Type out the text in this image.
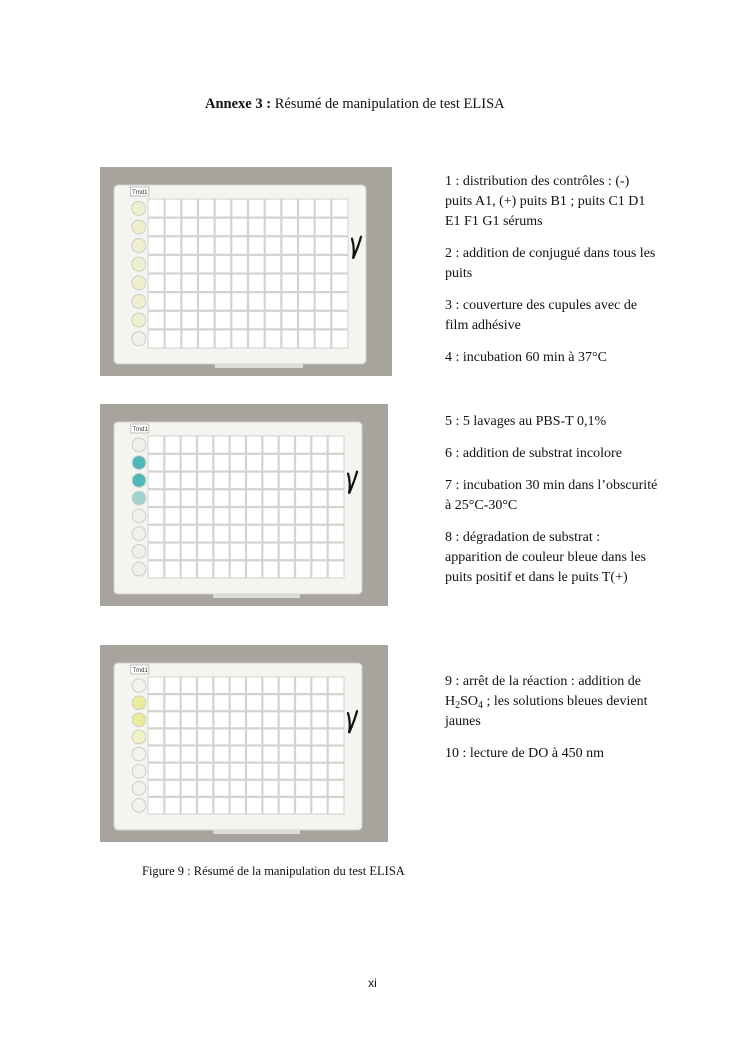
Annexe 3 : Résumé de manipulation de test ELISA
Tmd1

1 : distribution des contrôles : (-) puits A1, (+) puits B1 ; puits C1 D1 E1 F1 G1 sérums

2 : addition de conjugué dans tous les puits

3 : couverture des cupules avec de film adhésive

4 : incubation 60 min à 37°C

Tmd1

5 : 5 lavages au PBS-T 0,1%

6 : addition de substrat incolore

7 : incubation 30 min dans l’obscurité à 25°C-30°C

8 : dégradation de substrat : apparition de couleur bleue dans les puits positif et dans le puits T(+)

Tmd1

9 : arrêt de la réaction : addition de $H_2SO_4$ ; les solutions bleues devient jaunes

10 : lecture de DO à 450 nm

Figure 9 : Résumé de la manipulation du test ELISA
xi
